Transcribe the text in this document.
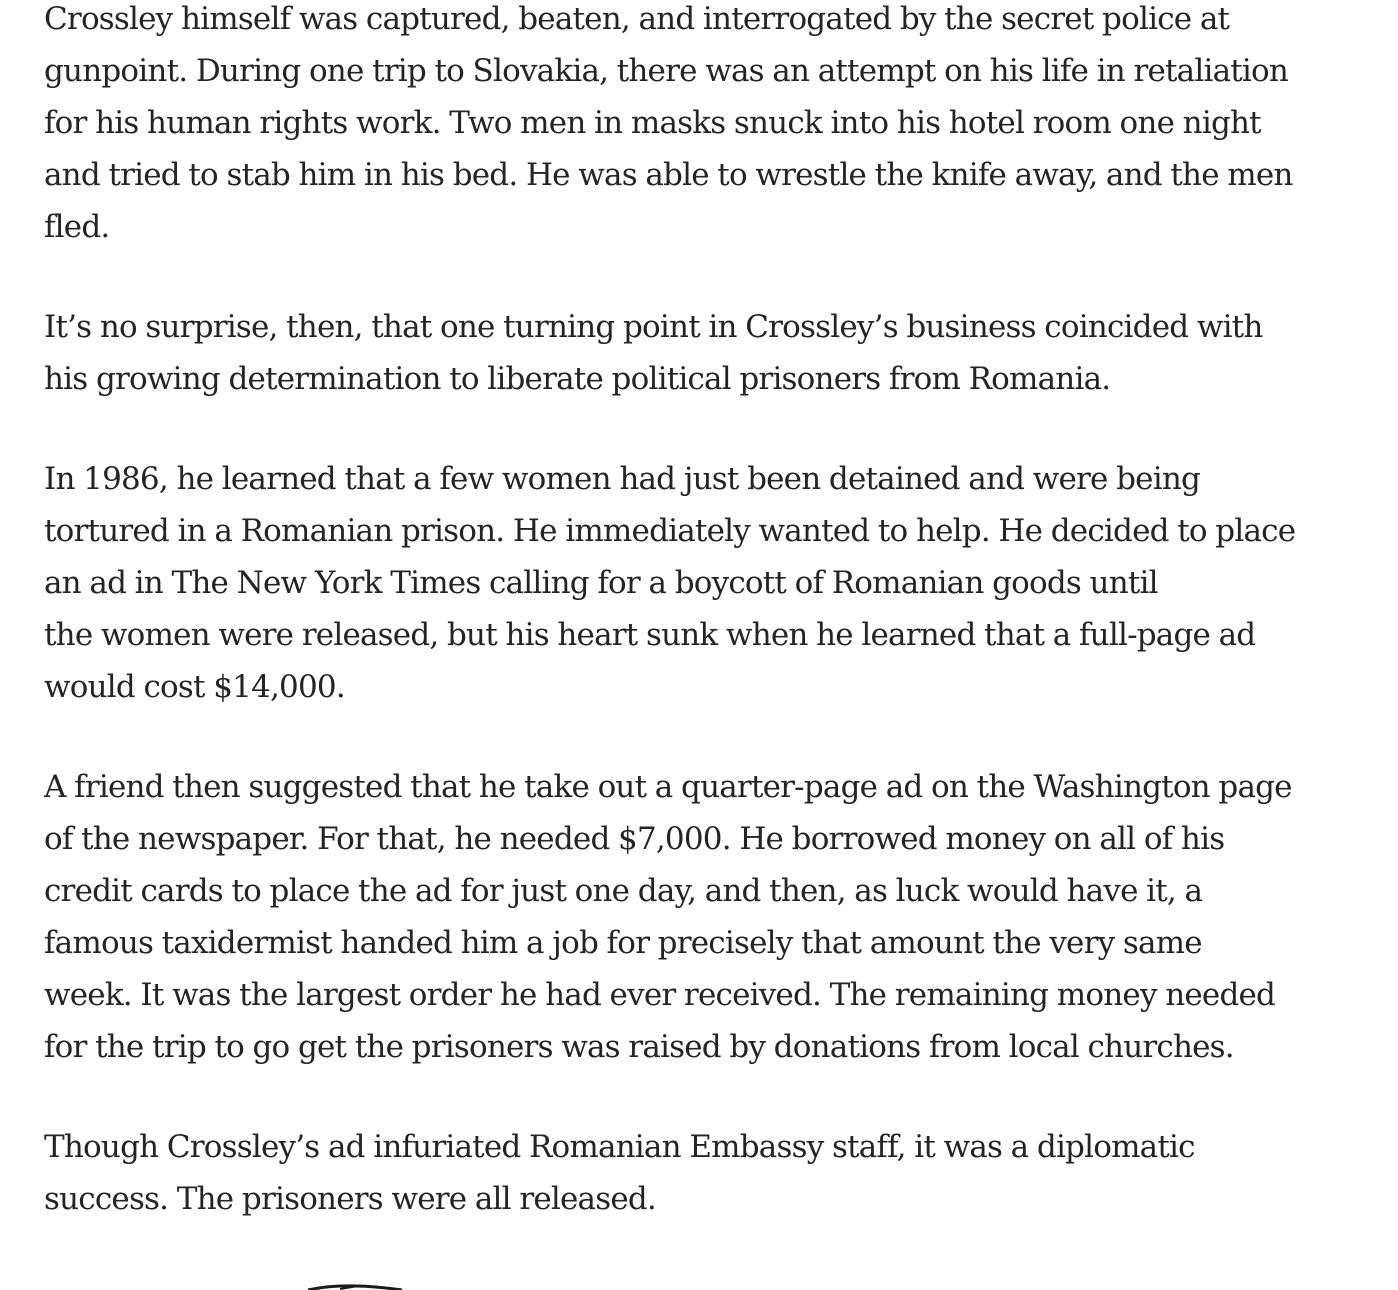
Crossley himself was captured, beaten, and interrogated by the secret police at
gunpoint. During one trip to Slovakia, there was an attempt on his life in retaliation
for his human rights work. Two men in masks snuck into his hotel room one night
and tried to stab him in his bed. He was able to wrestle the knife away, and the men
fled.

It’s no surprise, then, that one turning point in Crossley’s business coincided with
his growing determination to liberate political prisoners from Romania.

In 1986, he learned that a few women had just been detained and were being
tortured in a Romanian prison. He immediately wanted to help. He decided to place
an ad in The New York Times calling for a boycott of Romanian goods until
the women were released, but his heart sunk when he learned that a full-page ad
would cost $14,000.

A friend then suggested that he take out a quarter-page ad on the Washington page
of the newspaper. For that, he needed $7,000. He borrowed money on all of his
credit cards to place the ad for just one day, and then, as luck would have it, a
famous taxidermist handed him a job for precisely that amount the very same
week. It was the largest order he had ever received. The remaining money needed
for the trip to go get the prisoners was raised by donations from local churches.

Though Crossley’s ad infuriated Romanian Embassy staff, it was a diplomatic
success. The prisoners were all released.
